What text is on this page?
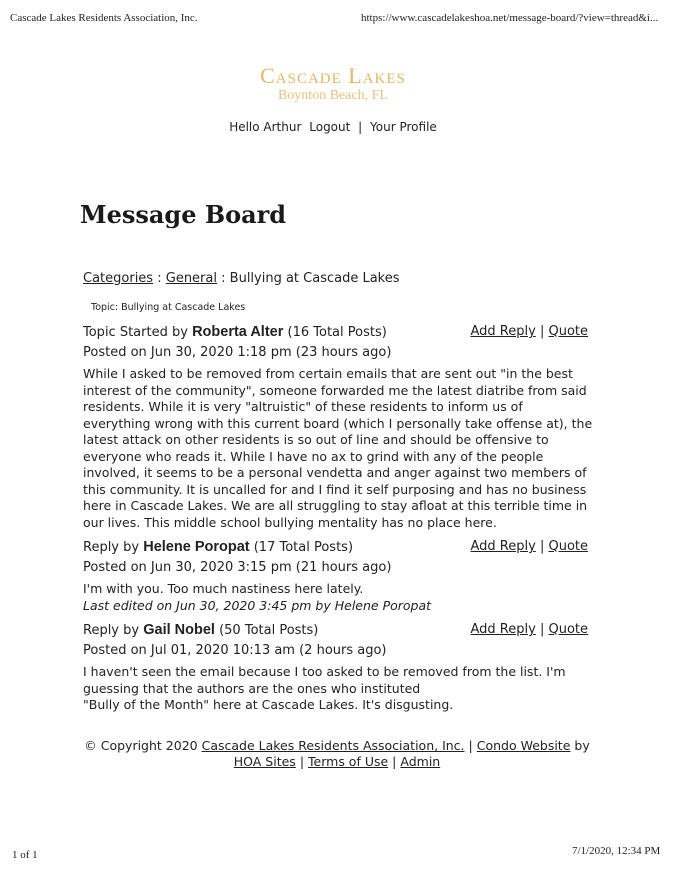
Cascade Lakes Residents Association, Inc.	https://www.cascadelakeshoa.net/message-board/?view=thread&i...
1 of 1	7/1/2020, 12:34 PM
Cascade Lakes
Boynton Beach, FL
Hello Arthur Logout | Your Profile
Message Board
Categories : General : Bullying at Cascade Lakes
Topic: Bullying at Cascade Lakes
Topic Started by Roberta Alter (16 Total Posts)	Add Reply | Quote
Posted on Jun 30, 2020 1:18 pm (23 hours ago)
While I asked to be removed from certain emails that are sent out "in the best interest of the community", someone forwarded me the latest diatribe from said residents. While it is very "altruistic" of these residents to inform us of everything wrong with this current board (which I personally take offense at), the latest attack on other residents is so out of line and should be offensive to everyone who reads it. While I have no ax to grind with any of the people involved, it seems to be a personal vendetta and anger against two members of this community. It is uncalled for and I find it self purposing and has no business here in Cascade Lakes. We are all struggling to stay afloat at this terrible time in our lives. This middle school bullying mentality has no place here.
Reply by Helene Poropat (17 Total Posts)	Add Reply | Quote
Posted on Jun 30, 2020 3:15 pm (21 hours ago)
I'm with you. Too much nastiness here lately.
Last edited on Jun 30, 2020 3:45 pm by Helene Poropat
Reply by Gail Nobel (50 Total Posts)	Add Reply | Quote
Posted on Jul 01, 2020 10:13 am (2 hours ago)
I haven't seen the email because I too asked to be removed from the list. I'm guessing that the authors are the ones who instituted
"Bully of the Month" here at Cascade Lakes. It's disgusting.
© Copyright 2020 Cascade Lakes Residents Association, Inc. | Condo Website by HOA Sites | Terms of Use | Admin
